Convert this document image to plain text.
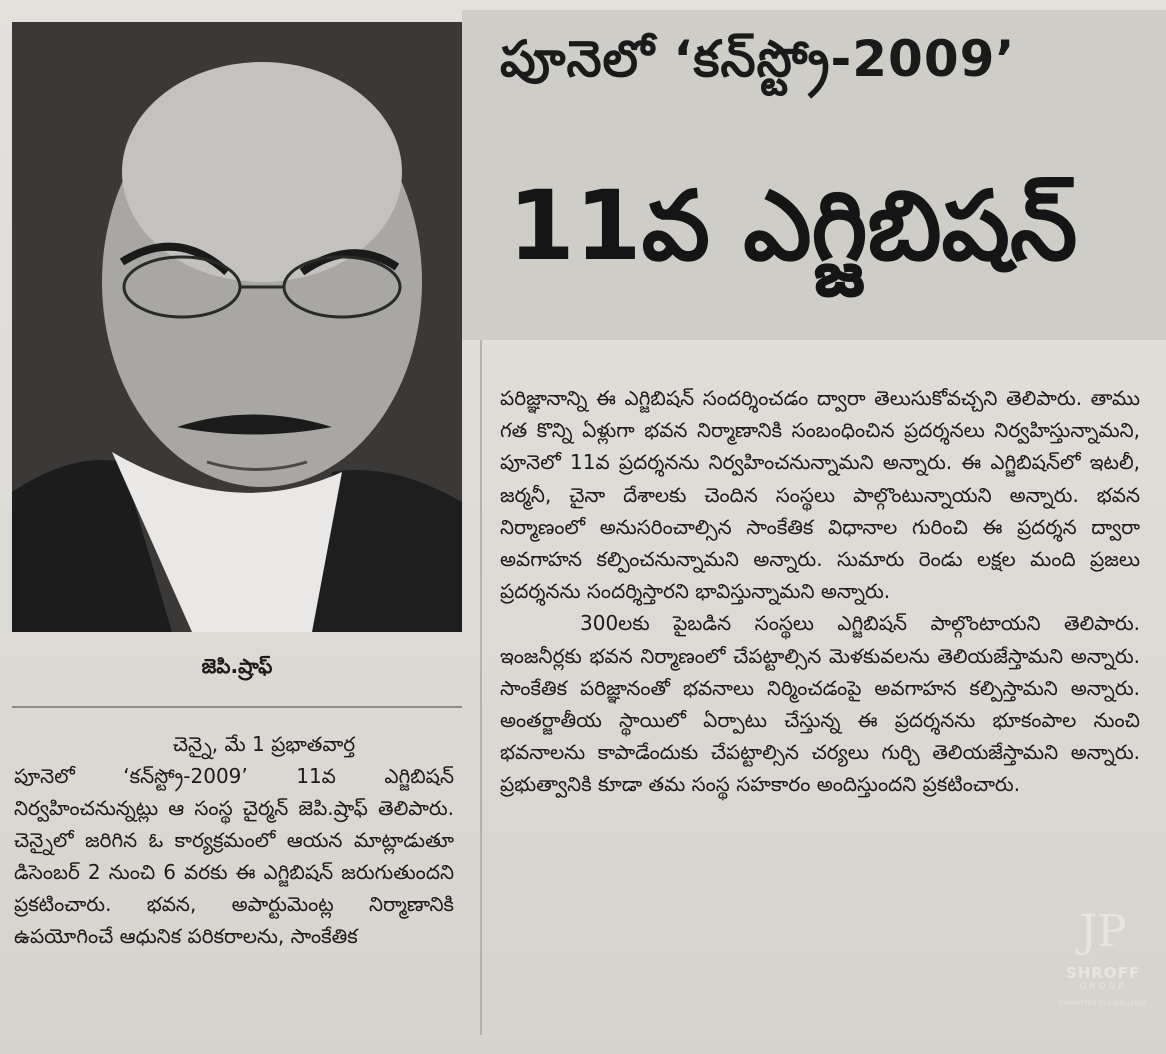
పూనెలో ‘కన్‌స్ట్రో-2009’
11వ ఎగ్జిబిషన్
జెపి.ష్రాఫ్

చెన్నై, మే 1 ప్రభాతవార్త

పూనెలో ‘కన్‌స్ట్రో-2009’ 11వ ఎగ్జిబిషన్ నిర్వహించనున్నట్లు ఆ సంస్థ చైర్మన్ జెపి.ష్రాఫ్ తెలిపారు. చెన్నైలో జరిగిన ఓ కార్యక్రమంలో ఆయన మాట్లాడుతూ డిసెంబర్ 2 నుంచి 6 వరకు ఈ ఎగ్జిబిషన్ జరుగుతుందని ప్రకటించారు. భవన, అపార్టుమెంట్ల నిర్మాణానికి ఉపయోగించే ఆధునిక పరికరాలను, సాంకేతిక

పరిజ్ఞానాన్ని ఈ ఎగ్జిబిషన్ సందర్శించడం ద్వారా తెలుసుకోవచ్చని తెలిపారు. తాము గత కొన్ని ఏళ్లుగా భవన నిర్మాణానికి సంబంధించిన ప్రదర్శనలు నిర్వహిస్తున్నామని, పూనెలో 11వ ప్రదర్శనను నిర్వహించనున్నామని అన్నారు. ఈ ఎగ్జిబిషన్‌లో ఇటలీ, జర్మనీ, చైనా దేశాలకు చెందిన సంస్థలు పాల్గొంటున్నాయని అన్నారు. భవన నిర్మాణంలో అనుసరించాల్సిన సాంకేతిక విధానాల గురించి ఈ ప్రదర్శన ద్వారా అవగాహన కల్పించనున్నామని అన్నారు. సుమారు రెండు లక్షల మంది ప్రజలు ప్రదర్శనను సందర్శిస్తారని భావిస్తున్నామని అన్నారు.

300లకు పైబడిన సంస్థలు ఎగ్జిబిషన్ పాల్గొంటాయని తెలిపారు. ఇంజనీర్లకు భవన నిర్మాణంలో చేపట్టాల్సిన మెళకువలను తెలియజేస్తామని అన్నారు. సాంకేతిక పరిజ్ఞానంతో భవనాలు నిర్మించడంపై అవగాహన కల్పిస్తామని అన్నారు. అంతర్జాతీయ స్థాయిలో ఏర్పాటు చేస్తున్న ఈ ప్రదర్శనను భూకంపాల నుంచి భవనాలను కాపాడేందుకు చేపట్టాల్సిన చర్యలు గుర్చి తెలియజేస్తామని అన్నారు. ప్రభుత్వానికి కూడా తమ సంస్థ సహకారం అందిస్తుందని ప్రకటించారు.

JP
SHROFF
GROUP
COMMITTED TO EXCELLENCE
